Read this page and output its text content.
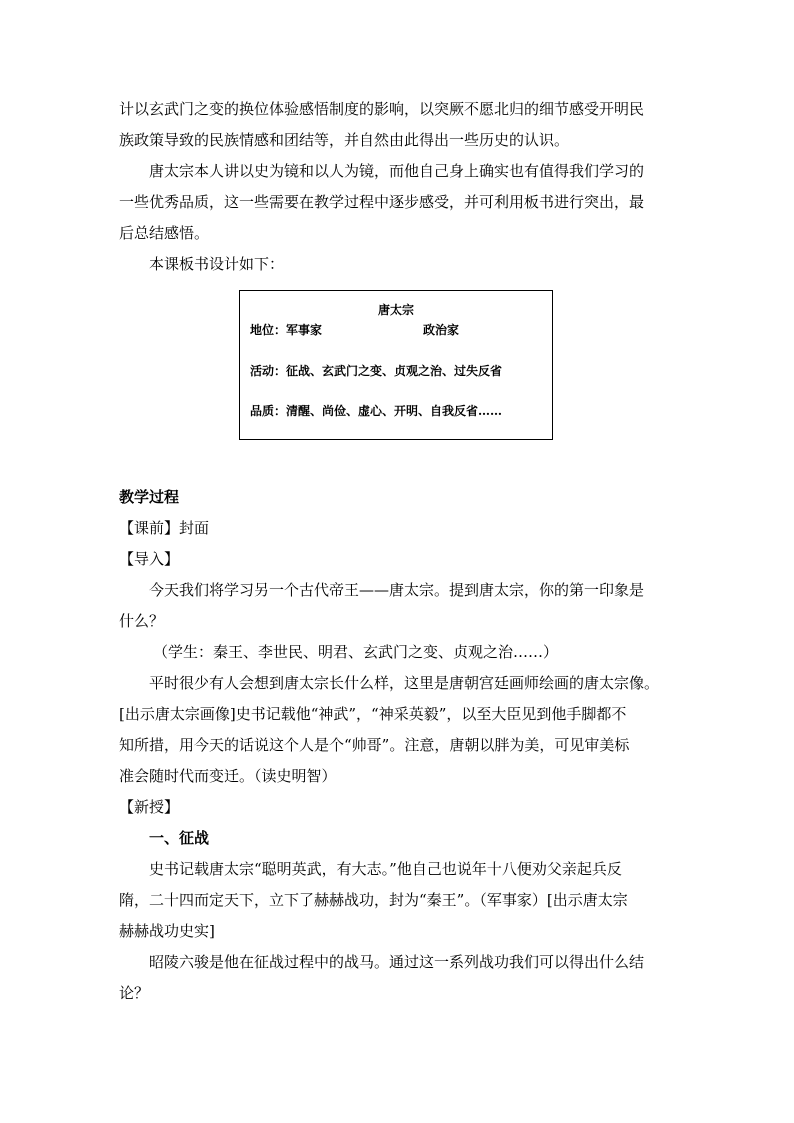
计以玄武门之变的换位体验感悟制度的影响，以突厥不愿北归的细节感受开明民

族政策导致的民族情感和团结等，并自然由此得出一些历史的认识。

唐太宗本人讲以史为镜和以人为镜，而他自己身上确实也有值得我们学习的

一些优秀品质，这一些需要在教学过程中逐步感受，并可利用板书进行突出，最

后总结感悟。

本课板书设计如下：

唐太宗
地位：军事家	政治家
活动：征战、玄武门之变、贞观之治、过失反省
品质：清醒、尚俭、虚心、开明、自我反省……

教学过程

【课前】封面

【导入】

今天我们将学习另一个古代帝王——唐太宗。提到唐太宗，你的第一印象是

什么？

（学生：秦王、李世民、明君、玄武门之变、贞观之治……）

平时很少有人会想到唐太宗长什么样，这里是唐朝宫廷画师绘画的唐太宗像。

[出示唐太宗画像]史书记载他“神武”，“神采英毅”，以至大臣见到他手脚都不

知所措，用今天的话说这个人是个“帅哥”。注意，唐朝以胖为美，可见审美标

准会随时代而变迁。（读史明智）

【新授】

一、征战

史书记载唐太宗“聪明英武，有大志。”他自己也说年十八便劝父亲起兵反

隋，二十四而定天下，立下了赫赫战功，封为“秦王”。（军事家）[出示唐太宗

赫赫战功史实]

昭陵六骏是他在征战过程中的战马。通过这一系列战功我们可以得出什么结

论？
